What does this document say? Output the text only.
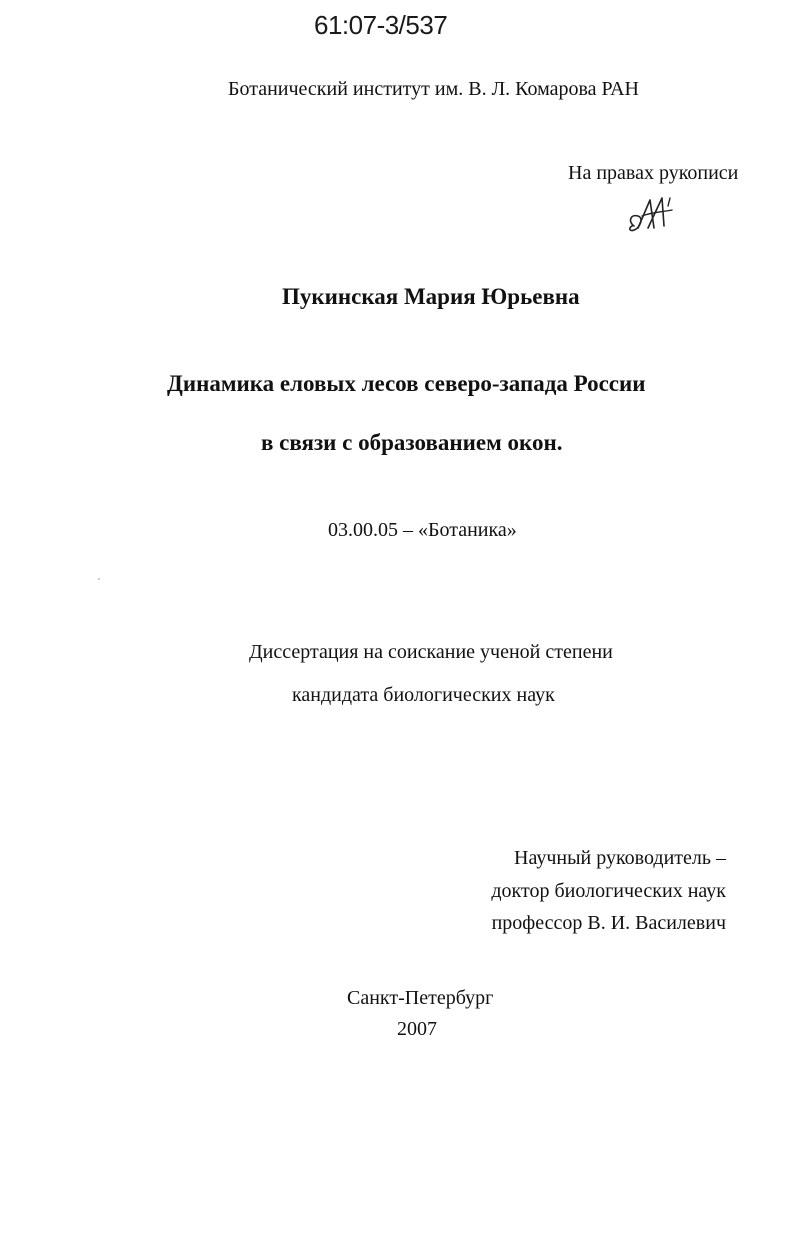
61:07-3/537
Ботанический институт им. В. Л. Комарова РАН
На правах рукописи
Пукинская Мария Юрьевна
Динамика еловых лесов северо-запада России
в связи с образованием окон.
03.00.05 – «Ботаника»
Диссертация на соискание ученой степени
кандидата биологических наук
Научный руководитель –
доктор биологических наук
профессор В. И. Василевич
Санкт-Петербург
2007
